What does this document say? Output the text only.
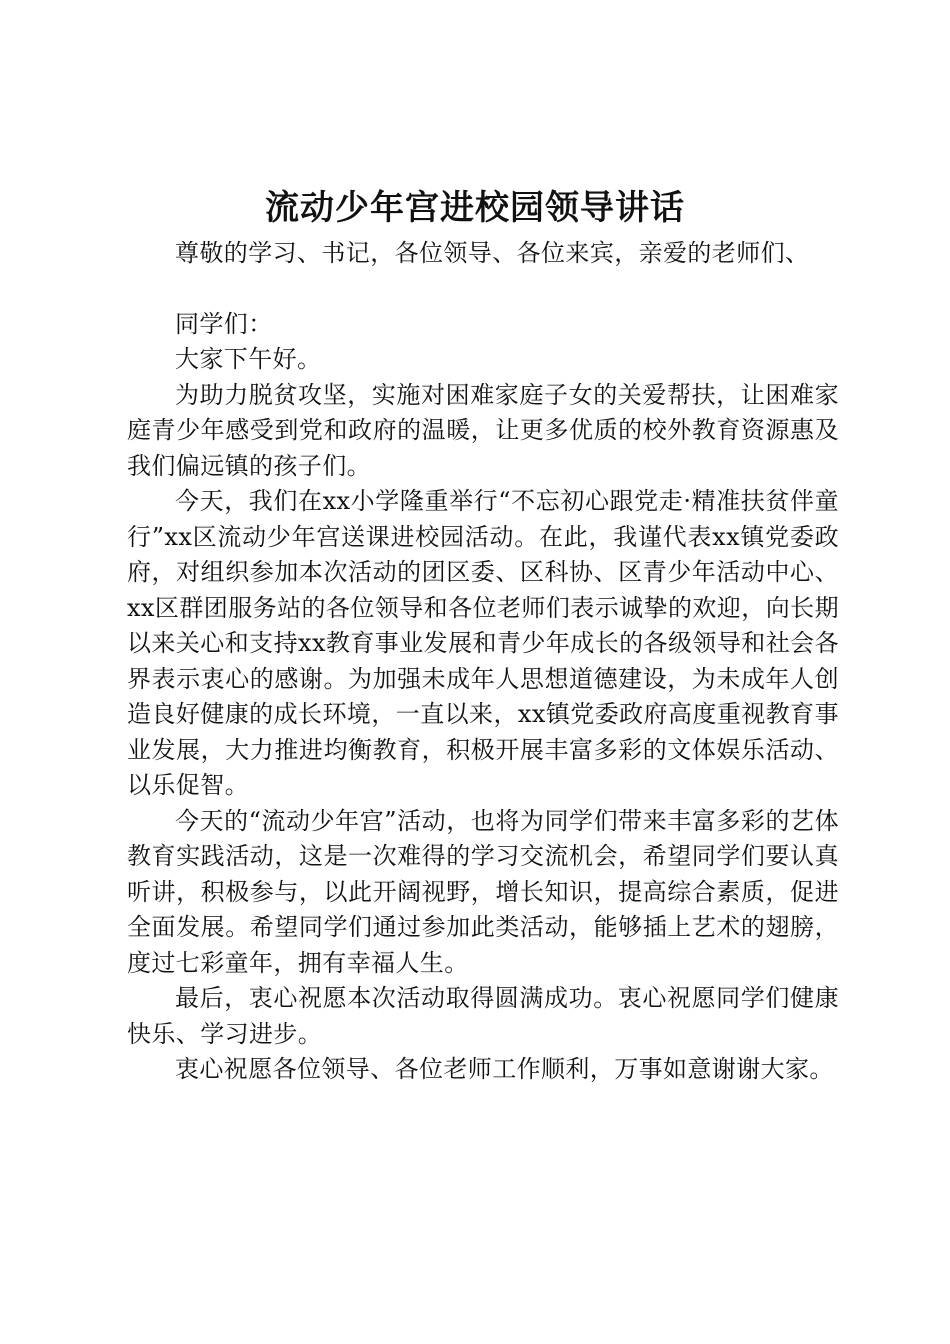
流动少年宫进校园领导讲话

尊敬的学习、书记，各位领导、各位来宾，亲爱的老师们、

同学们：

大家下午好。

为助力脱贫攻坚，实施对困难家庭子女的关爱帮扶，让困难家庭青少年感受到党和政府的温暖，让更多优质的校外教育资源惠及我们偏远镇的孩子们。

今天，我们在xx小学隆重举行“不忘初心跟党走·精准扶贫伴童行”xx区流动少年宫送课进校园活动。在此，我谨代表xx镇党委政府，对组织参加本次活动的团区委、区科协、区青少年活动中心、xx区群团服务站的各位领导和各位老师们表示诚挚的欢迎，向长期以来关心和支持xx教育事业发展和青少年成长的各级领导和社会各界表示衷心的感谢。为加强未成年人思想道德建设，为未成年人创造良好健康的成长环境，一直以来，xx镇党委政府高度重视教育事业发展，大力推进均衡教育，积极开展丰富多彩的文体娱乐活动、以乐促智。

今天的“流动少年宫”活动，也将为同学们带来丰富多彩的艺体教育实践活动，这是一次难得的学习交流机会，希望同学们要认真听讲，积极参与，以此开阔视野，增长知识，提高综合素质，促进全面发展。希望同学们通过参加此类活动，能够插上艺术的翅膀，度过七彩童年，拥有幸福人生。

最后，衷心祝愿本次活动取得圆满成功。衷心祝愿同学们健康快乐、学习进步。

衷心祝愿各位领导、各位老师工作顺利，万事如意谢谢大家。
